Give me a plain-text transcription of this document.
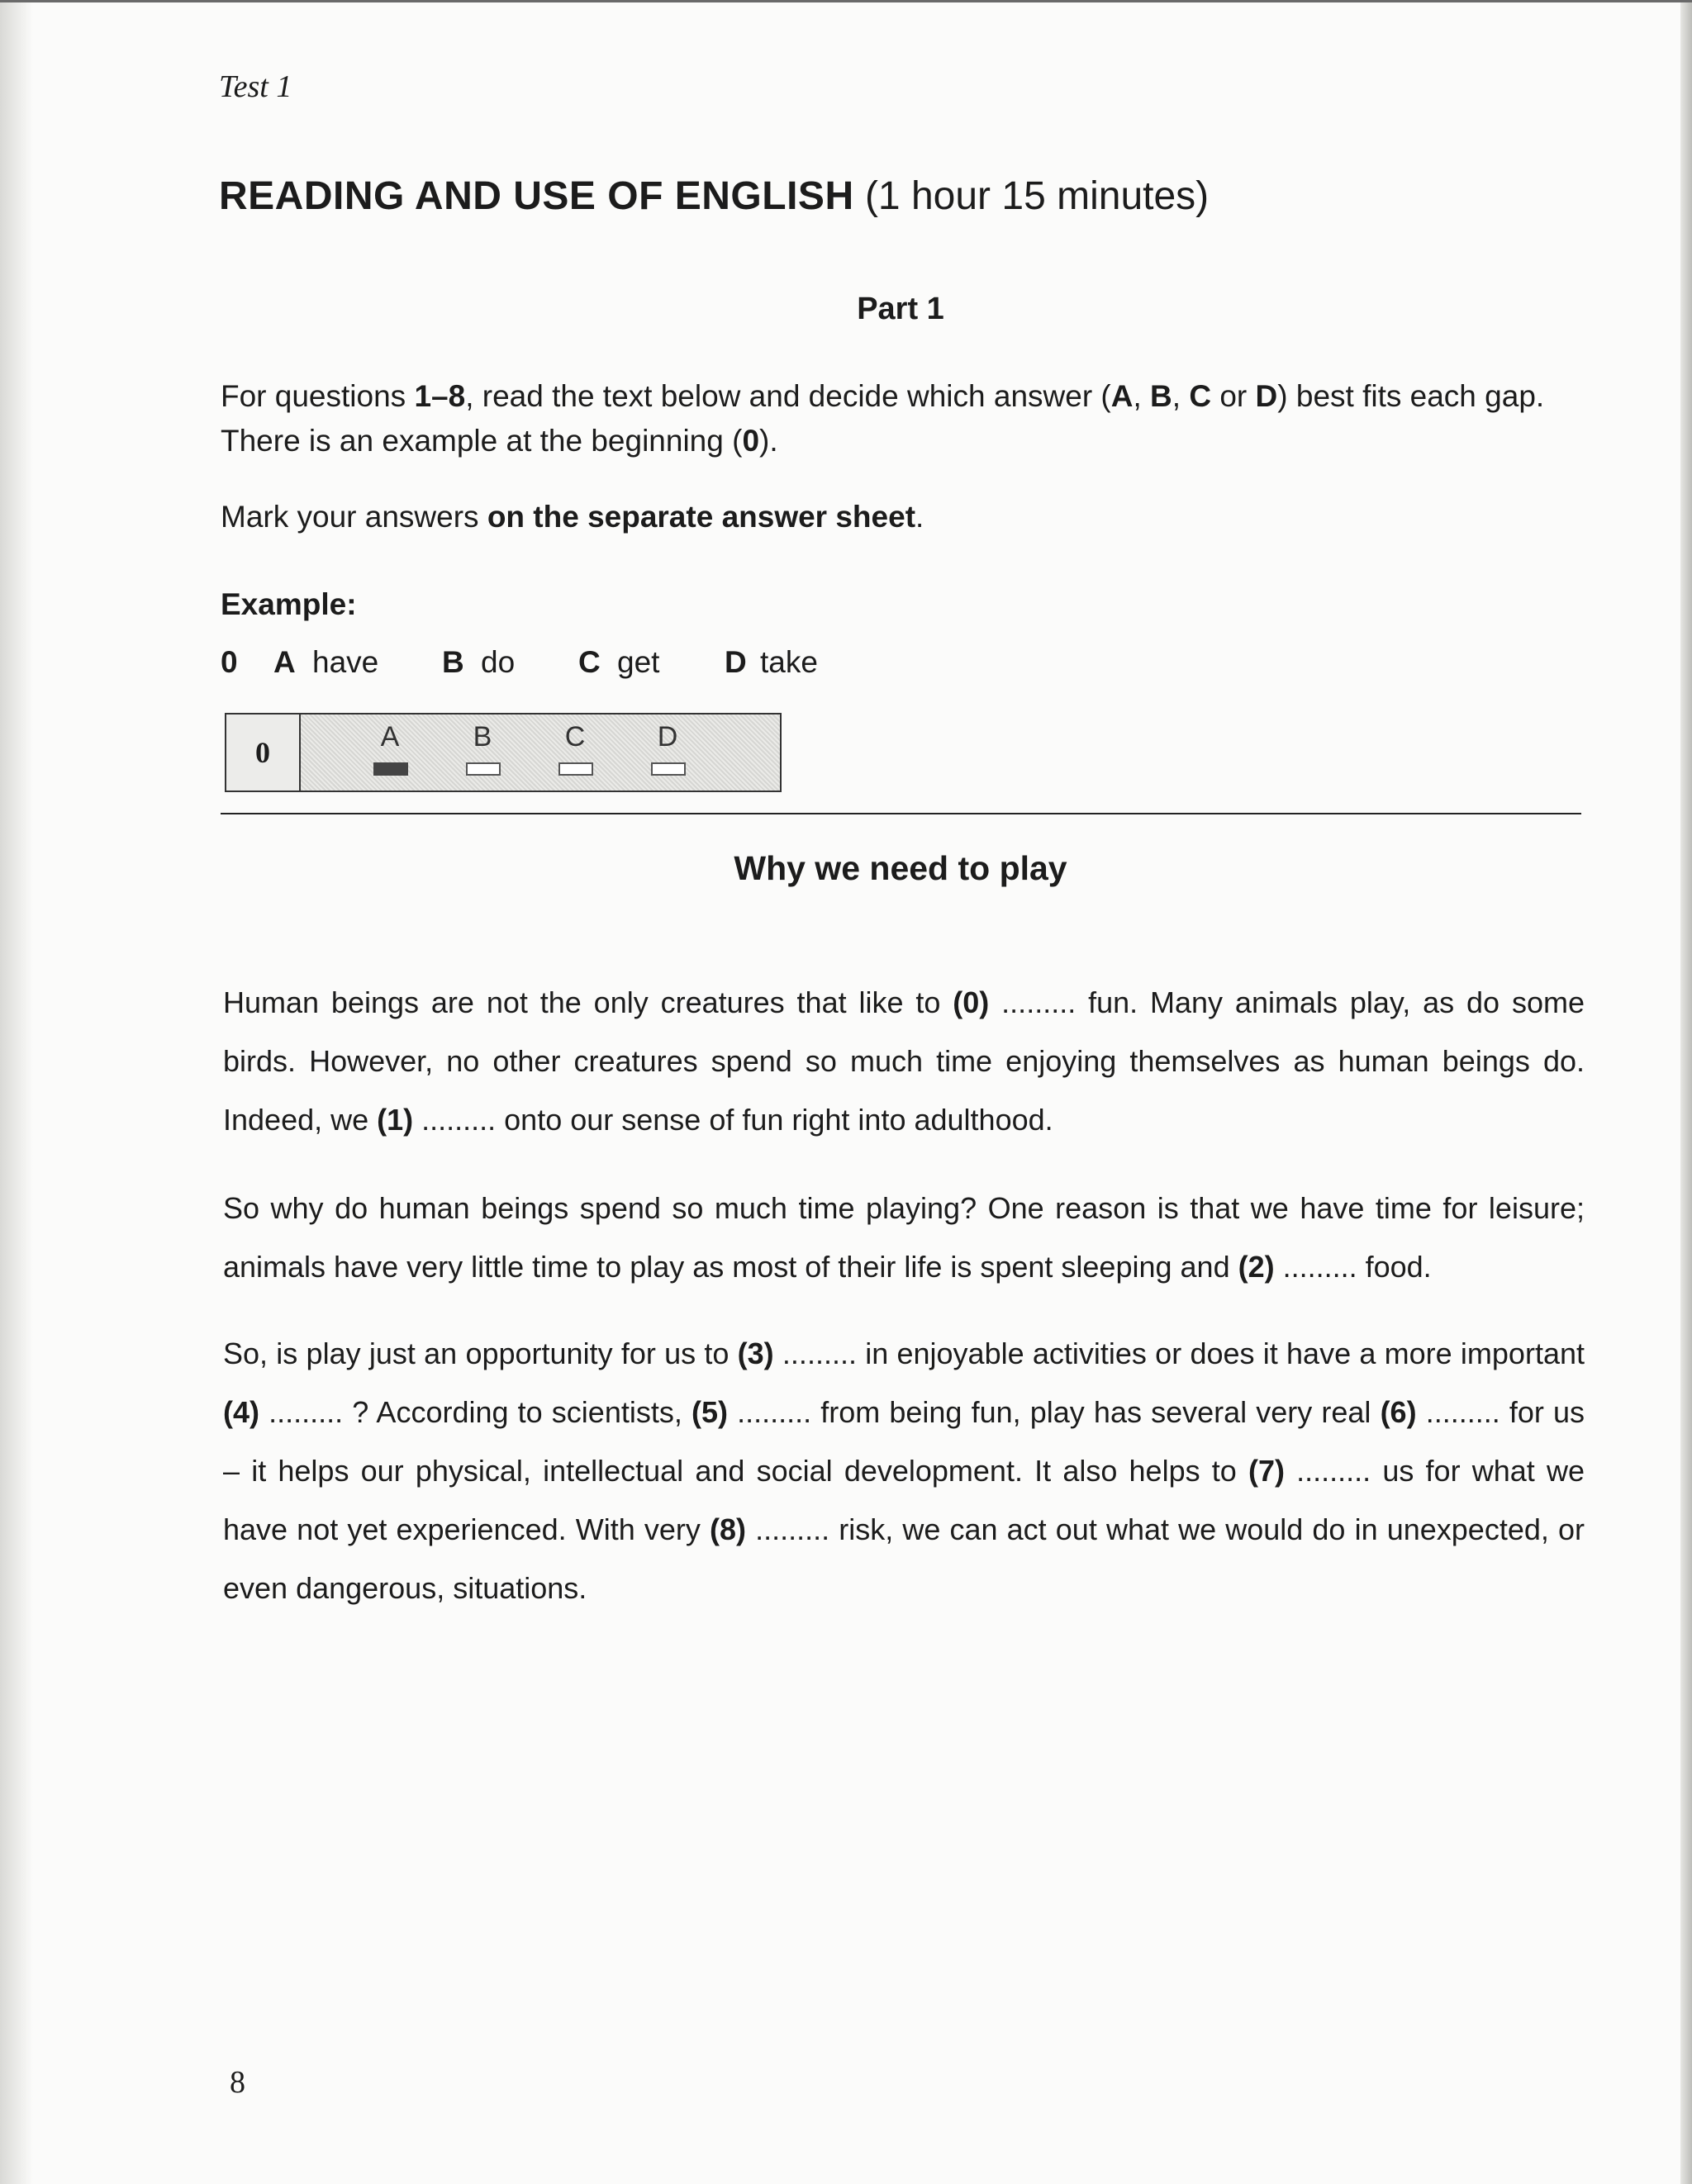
Test 1
READING AND USE OF ENGLISH (1 hour 15 minutes)
Part 1
For questions 1–8, read the text below and decide which answer (A, B, C or D) best fits each gap. There is an example at the beginning (0).
Mark your answers on the separate answer sheet.
Example:
0 A have B do C get D take
0	A	B	C	D
Why we need to play
Human beings are not the only creatures that like to (0) ......... fun. Many animals play, as do some birds. However, no other creatures spend so much time enjoying themselves as human beings do. Indeed, we (1) ......... onto our sense of fun right into adulthood.
So why do human beings spend so much time playing? One reason is that we have time for leisure; animals have very little time to play as most of their life is spent sleeping and (2) ......... food.
So, is play just an opportunity for us to (3) ......... in enjoyable activities or does it have a more important (4) ......... ? According to scientists, (5) ......... from being fun, play has several very real (6) ......... for us – it helps our physical, intellectual and social development. It also helps to (7) ......... us for what we have not yet experienced. With very (8) ......... risk, we can act out what we would do in unexpected, or even dangerous, situations.
8
